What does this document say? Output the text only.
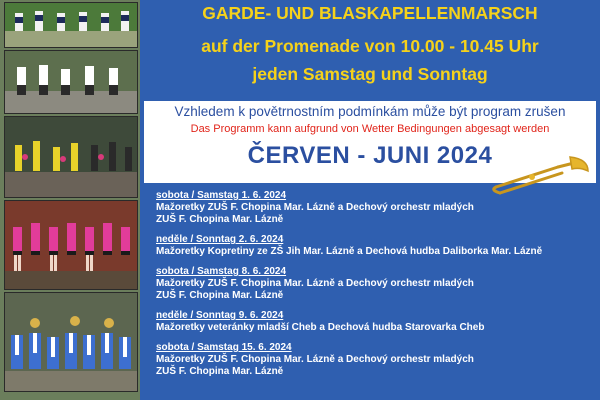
GARDE- UND BLASKAPELLENMARSCH
auf der Promenade von 10.00 - 10.45 Uhr
jeden Samstag und Sonntag
Vzhledem k povětrnostním podmínkám může být program zrušen
Das Programm kann aufgrund von Wetter Bedingungen abgesagt werden
ČERVEN - JUNI 2024
sobota / Samstag 1. 6. 2024
Mažoretky ZUŠ F. Chopina Mar. Lázně a Dechový orchestr mladých
ZUŠ F. Chopina Mar. Lázně
neděle / Sonntag 2. 6. 2024
Mažoretky Kopretiny ze ZŠ Jih Mar. Lázně a Dechová hudba Daliborka Mar. Lázně
sobota / Samstag 8. 6. 2024
Mažoretky ZUŠ F. Chopina Mar. Lázně a Dechový orchestr mladých
ZUŠ F. Chopina Mar. Lázně
neděle / Sonntag 9. 6. 2024
Mažoretky veteránky mladší Cheb a Dechová hudba Starovarka Cheb
sobota / Samstag 15. 6. 2024
Mažoretky ZUŠ F. Chopina Mar. Lázně a Dechový orchestr mladých
ZUŠ F. Chopina Mar. Lázně
